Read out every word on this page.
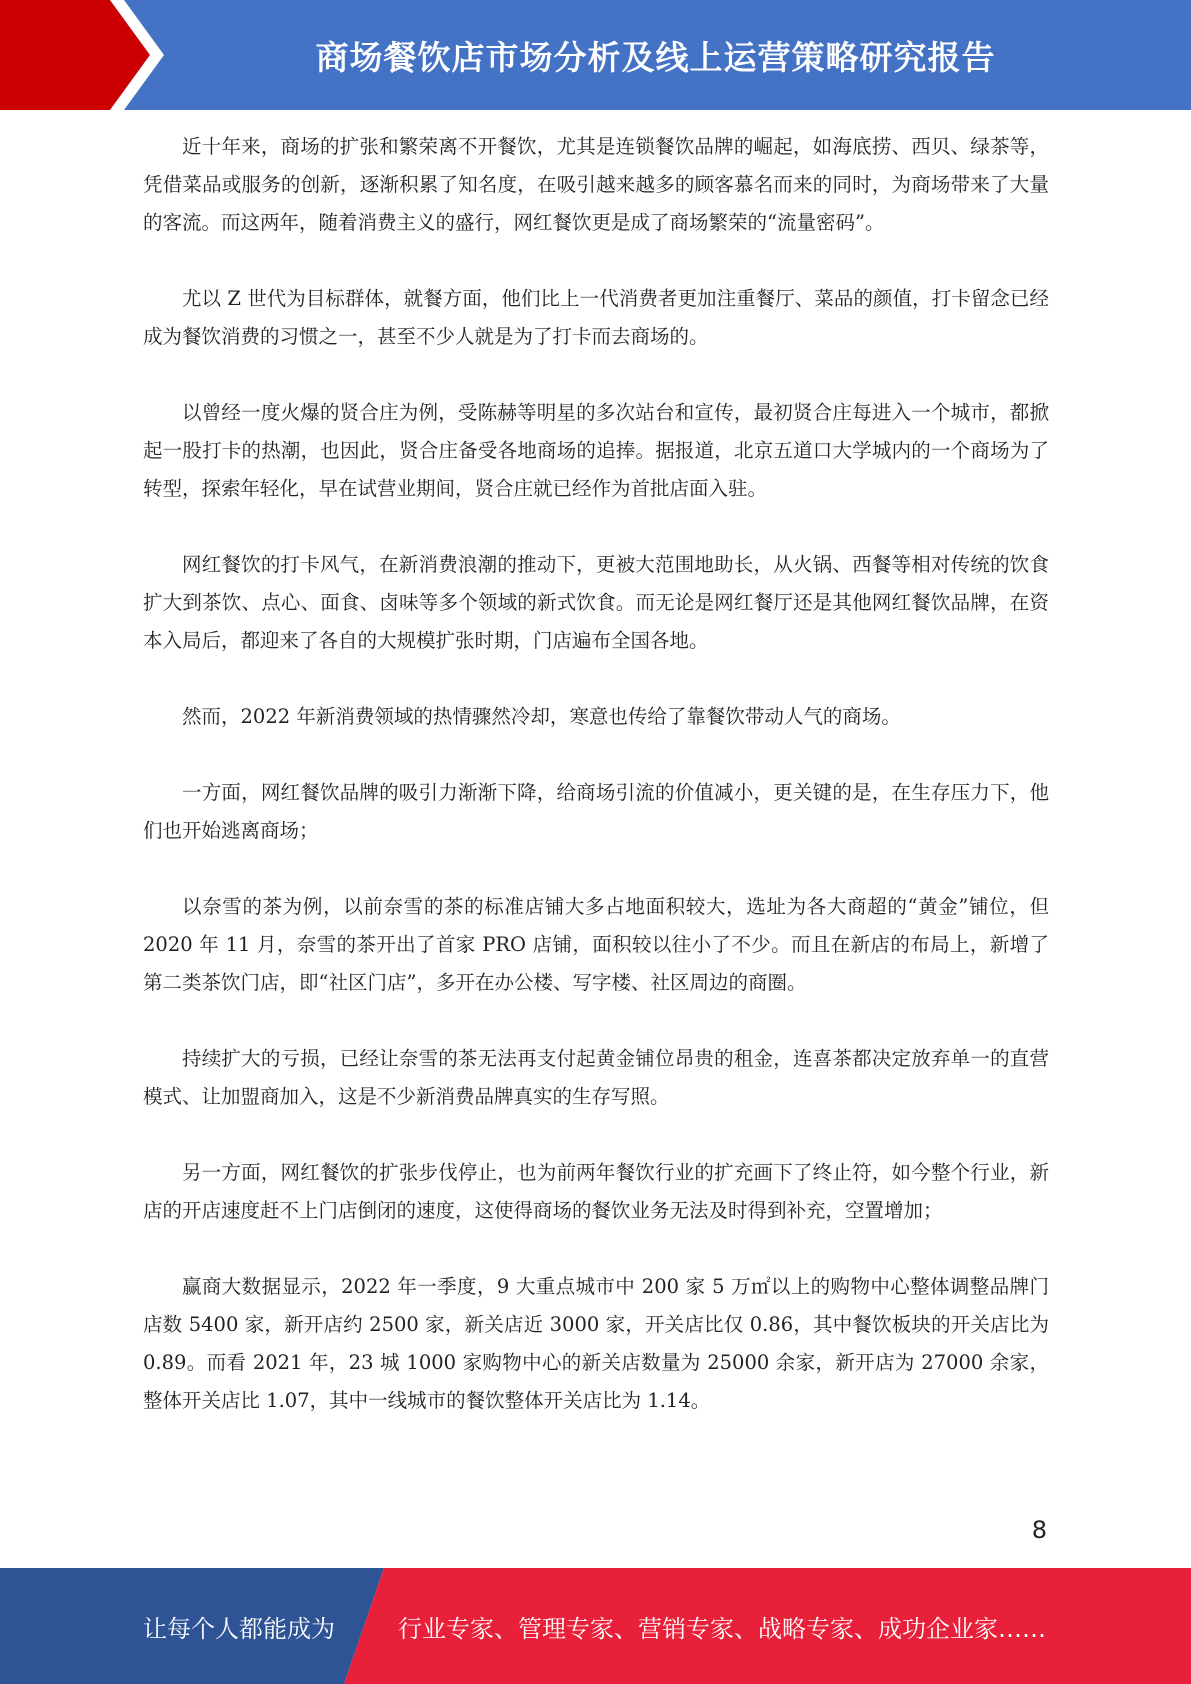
商场餐饮店市场分析及线上运营策略研究报告

近十年来，商场的扩张和繁荣离不开餐饮，尤其是连锁餐饮品牌的崛起，如海底捞、西贝、绿茶等，凭借菜品或服务的创新，逐渐积累了知名度，在吸引越来越多的顾客慕名而来的同时，为商场带来了大量的客流。而这两年，随着消费主义的盛行，网红餐饮更是成了商场繁荣的“流量密码”。

尤以 Z 世代为目标群体，就餐方面，他们比上一代消费者更加注重餐厅、菜品的颜值，打卡留念已经成为餐饮消费的习惯之一，甚至不少人就是为了打卡而去商场的。

以曾经一度火爆的贤合庄为例，受陈赫等明星的多次站台和宣传，最初贤合庄每进入一个城市，都掀起一股打卡的热潮，也因此，贤合庄备受各地商场的追捧。据报道，北京五道口大学城内的一个商场为了转型，探索年轻化，早在试营业期间，贤合庄就已经作为首批店面入驻。

网红餐饮的打卡风气，在新消费浪潮的推动下，更被大范围地助长，从火锅、西餐等相对传统的饮食扩大到茶饮、点心、面食、卤味等多个领域的新式饮食。而无论是网红餐厅还是其他网红餐饮品牌，在资本入局后，都迎来了各自的大规模扩张时期，门店遍布全国各地。

然而，2022 年新消费领域的热情骤然冷却，寒意也传给了靠餐饮带动人气的商场。

一方面，网红餐饮品牌的吸引力渐渐下降，给商场引流的价值减小，更关键的是，在生存压力下，他们也开始逃离商场；

以奈雪的茶为例，以前奈雪的茶的标准店铺大多占地面积较大，选址为各大商超的“黄金”铺位，但 2020 年 11 月，奈雪的茶开出了首家 PRO 店铺，面积较以往小了不少。而且在新店的布局上，新增了第二类茶饮门店，即“社区门店”，多开在办公楼、写字楼、社区周边的商圈。

持续扩大的亏损，已经让奈雪的茶无法再支付起黄金铺位昂贵的租金，连喜茶都决定放弃单一的直营模式、让加盟商加入，这是不少新消费品牌真实的生存写照。

另一方面，网红餐饮的扩张步伐停止，也为前两年餐饮行业的扩充画下了终止符，如今整个行业，新店的开店速度赶不上门店倒闭的速度，这使得商场的餐饮业务无法及时得到补充，空置增加；

赢商大数据显示，2022 年一季度，9 大重点城市中 200 家 5 万㎡以上的购物中心整体调整品牌门店数 5400 家，新开店约 2500 家，新关店近 3000 家，开关店比仅 0.86，其中餐饮板块的开关店比为 0.89。而看 2021 年，23 城 1000 家购物中心的新关店数量为 25000 余家，新开店为 27000 余家，整体开关店比 1.07，其中一线城市的餐饮整体开关店比为 1.14。

8
让每个人都能成为	行业专家、管理专家、营销专家、战略专家、成功企业家……
